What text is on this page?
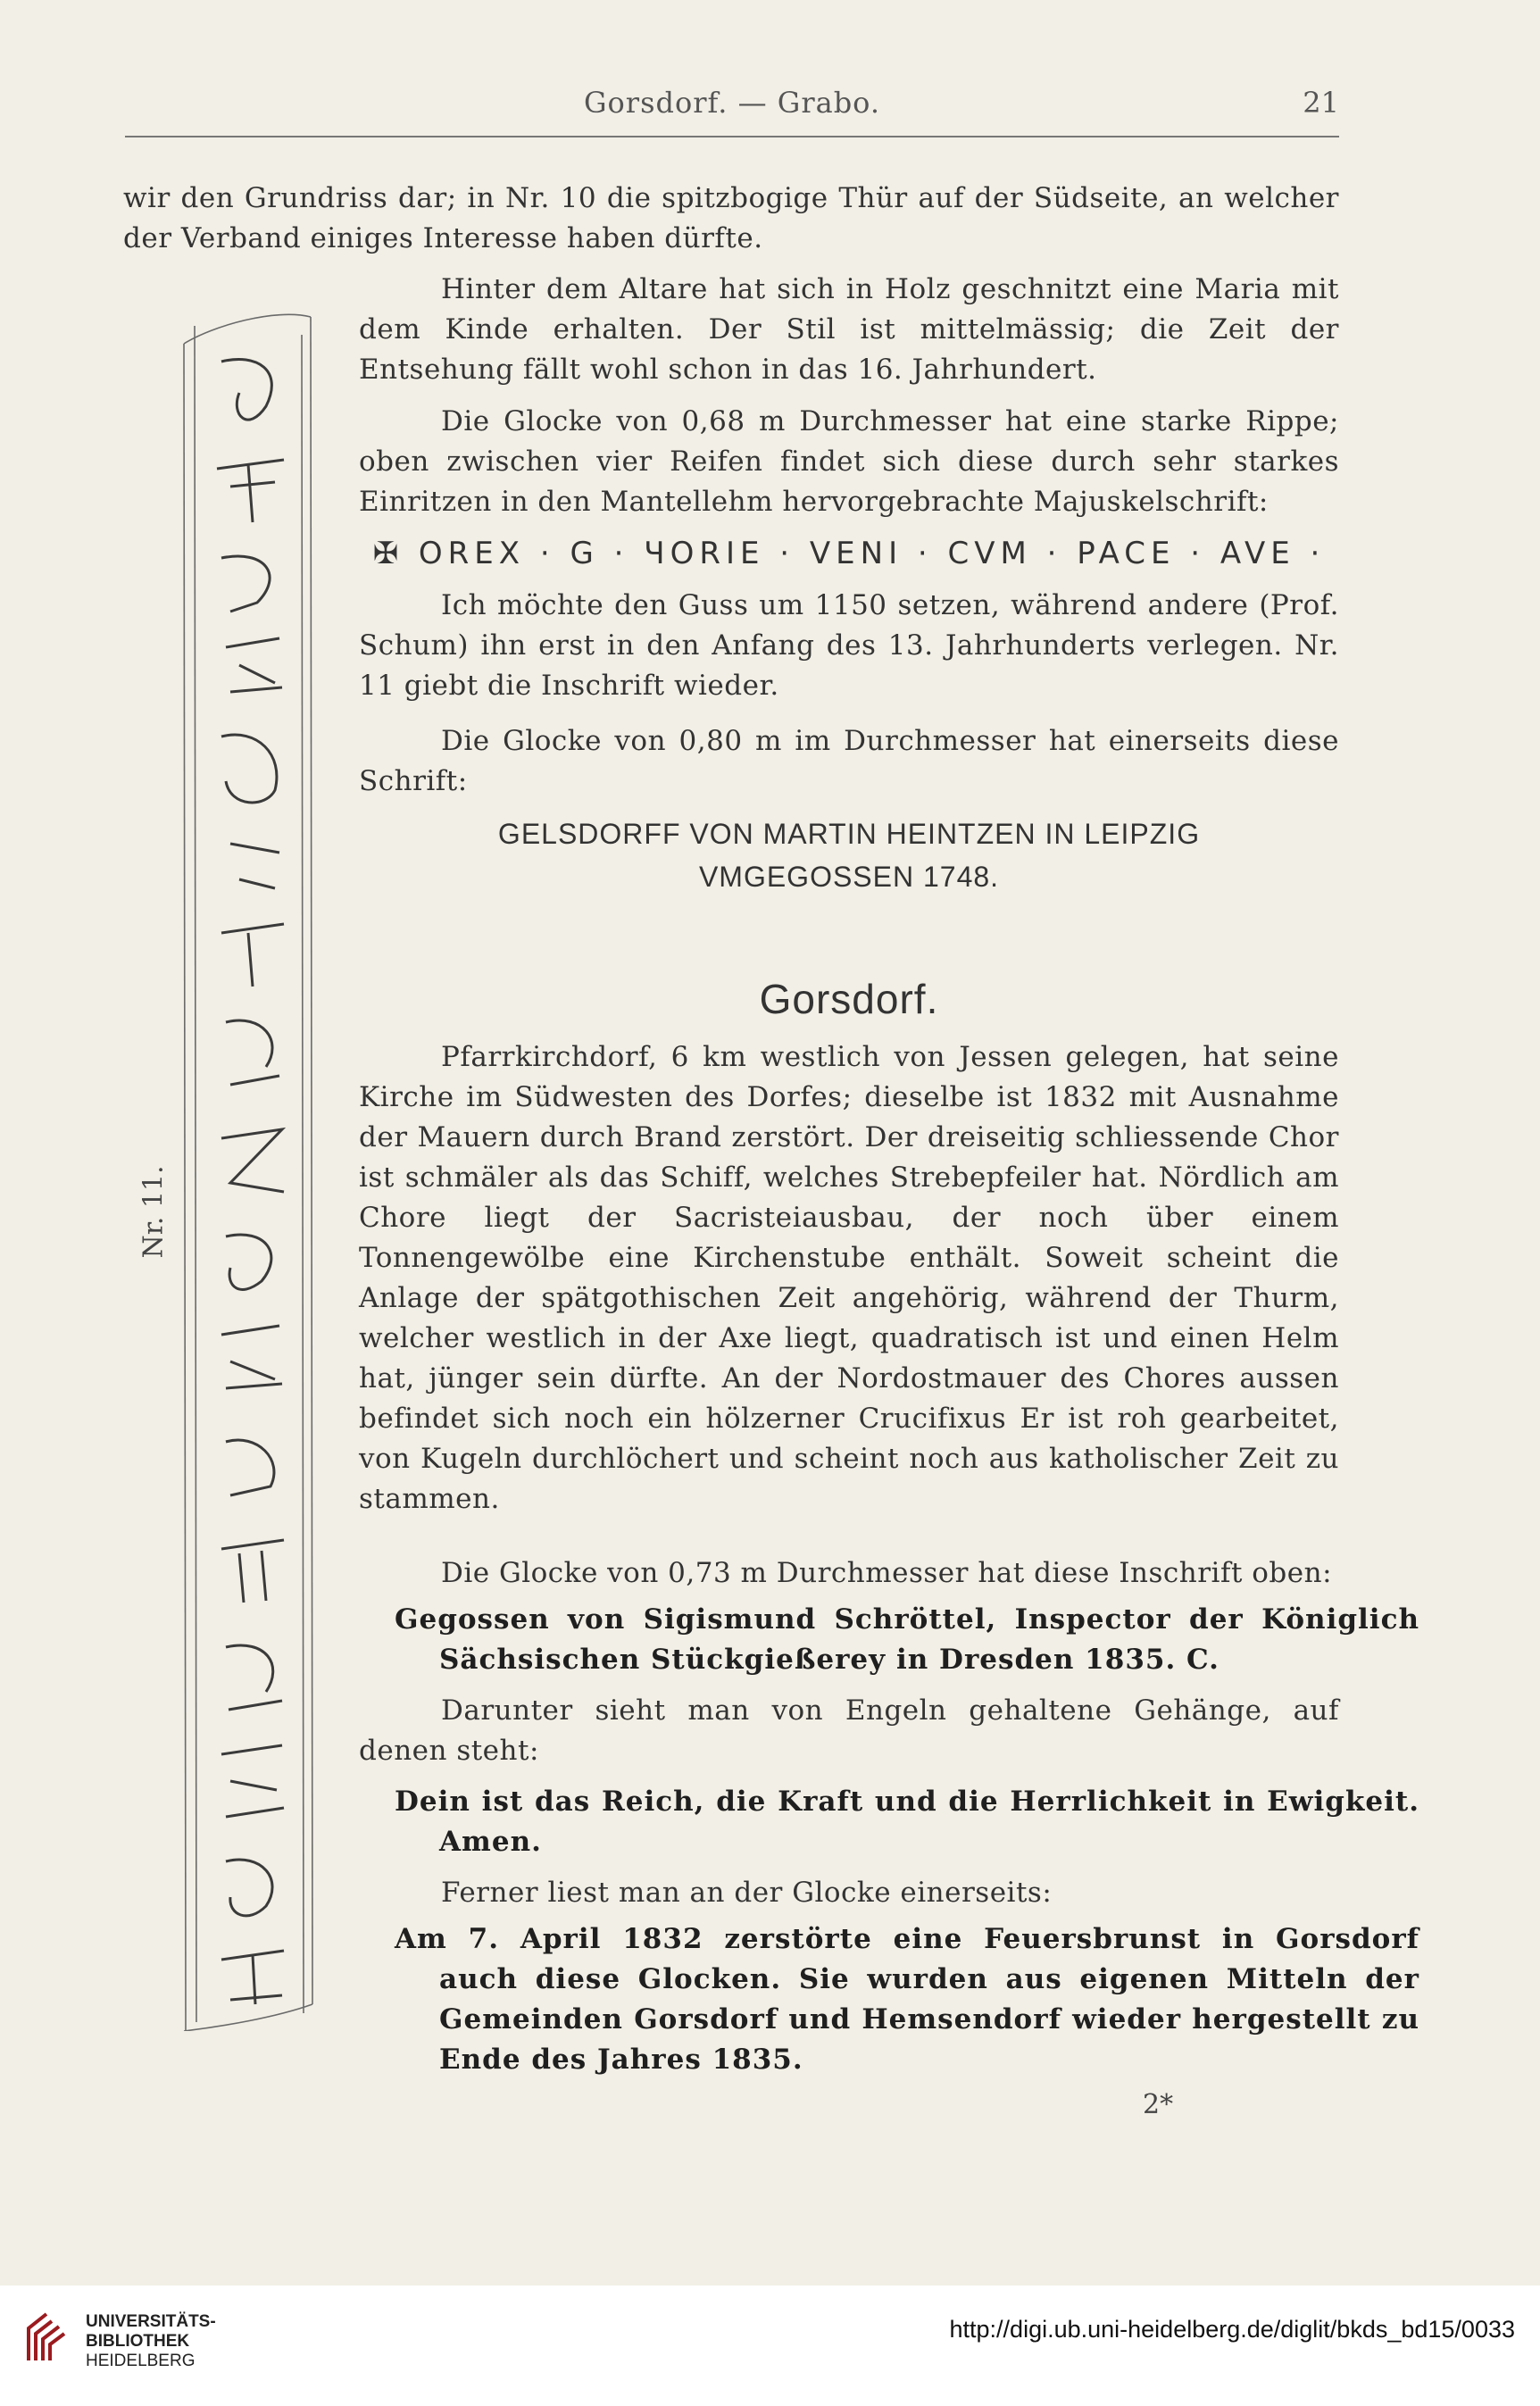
Gorsdorf. — Grabo.	21
wir den Grundriss dar; in Nr. 10 die spitzbogige Thür auf der Südseite, an welcher
der Verband einiges Interesse haben dürfte.
Hinter dem Altare hat sich in Holz geschnitzt eine Maria mit dem Kinde erhalten. Der Stil ist mittelmässig; die Zeit der Entsehung fällt wohl schon in das 16. Jahrhundert.
Die Glocke von 0,68 m Durchmesser hat eine starke Rippe; oben zwischen vier Reifen findet sich diese durch sehr starkes Einritzen in den Mantellehm hervorgebrachte Majuskelschrift:
✠ OREX · G · ЧORIE · VENI · CVM · PACE · AVE ·
Ich möchte den Guss um 1150 setzen, während andere (Prof. Schum) ihn erst in den Anfang des 13. Jahrhunderts verlegen. Nr. 11 giebt die Inschrift wieder.
Die Glocke von 0,80 m im Durchmesser hat einerseits diese Schrift:
GELSDORFF VON MARTIN HEINTZEN IN LEIPZIG
VMGEGOSSEN 1748.
Gorsdorf.
Pfarrkirchdorf, 6 km westlich von Jessen gelegen, hat seine Kirche im Südwesten des Dorfes; dieselbe ist 1832 mit Ausnahme der Mauern durch Brand zerstört. Der dreiseitig schliessende Chor ist schmäler als das Schiff, welches Strebepfeiler hat. Nördlich am Chore liegt der Sacristeiausbau, der noch über einem Tonnengewölbe eine Kirchenstube enthält. Soweit scheint die Anlage der spätgothischen Zeit angehörig, während der Thurm, welcher westlich in der Axe liegt, quadratisch ist und einen Helm hat, jünger sein dürfte. An der Nordostmauer des Chores aussen befindet sich noch ein hölzerner Crucifixus Er ist roh gearbeitet, von Kugeln durchlöchert und scheint noch aus katholischer Zeit zu stammen.
Die Glocke von 0,73 m Durchmesser hat diese Inschrift oben:
Gegossen von Sigismund Schröttel, Inspector der Königlich Sächsischen Stückgießerey in Dresden 1835. C.
Darunter sieht man von Engeln gehaltene Gehänge, auf denen steht:
Dein ist das Reich, die Kraft und die Herrlichkeit in Ewigkeit. Amen.
Ferner liest man an der Glocke einerseits:
Am 7. April 1832 zerstörte eine Feuersbrunst in Gorsdorf auch diese Glocken. Sie wurden aus eigenen Mitteln der Gemeinden Gorsdorf und Hemsendorf wieder hergestellt zu Ende des Jahres 1835.
2*
Nr. 11.
UNIVERSITÄTS-
BIBLIOTHEK
HEIDELBERG
http://digi.ub.uni-heidelberg.de/diglit/bkds_bd15/0033
